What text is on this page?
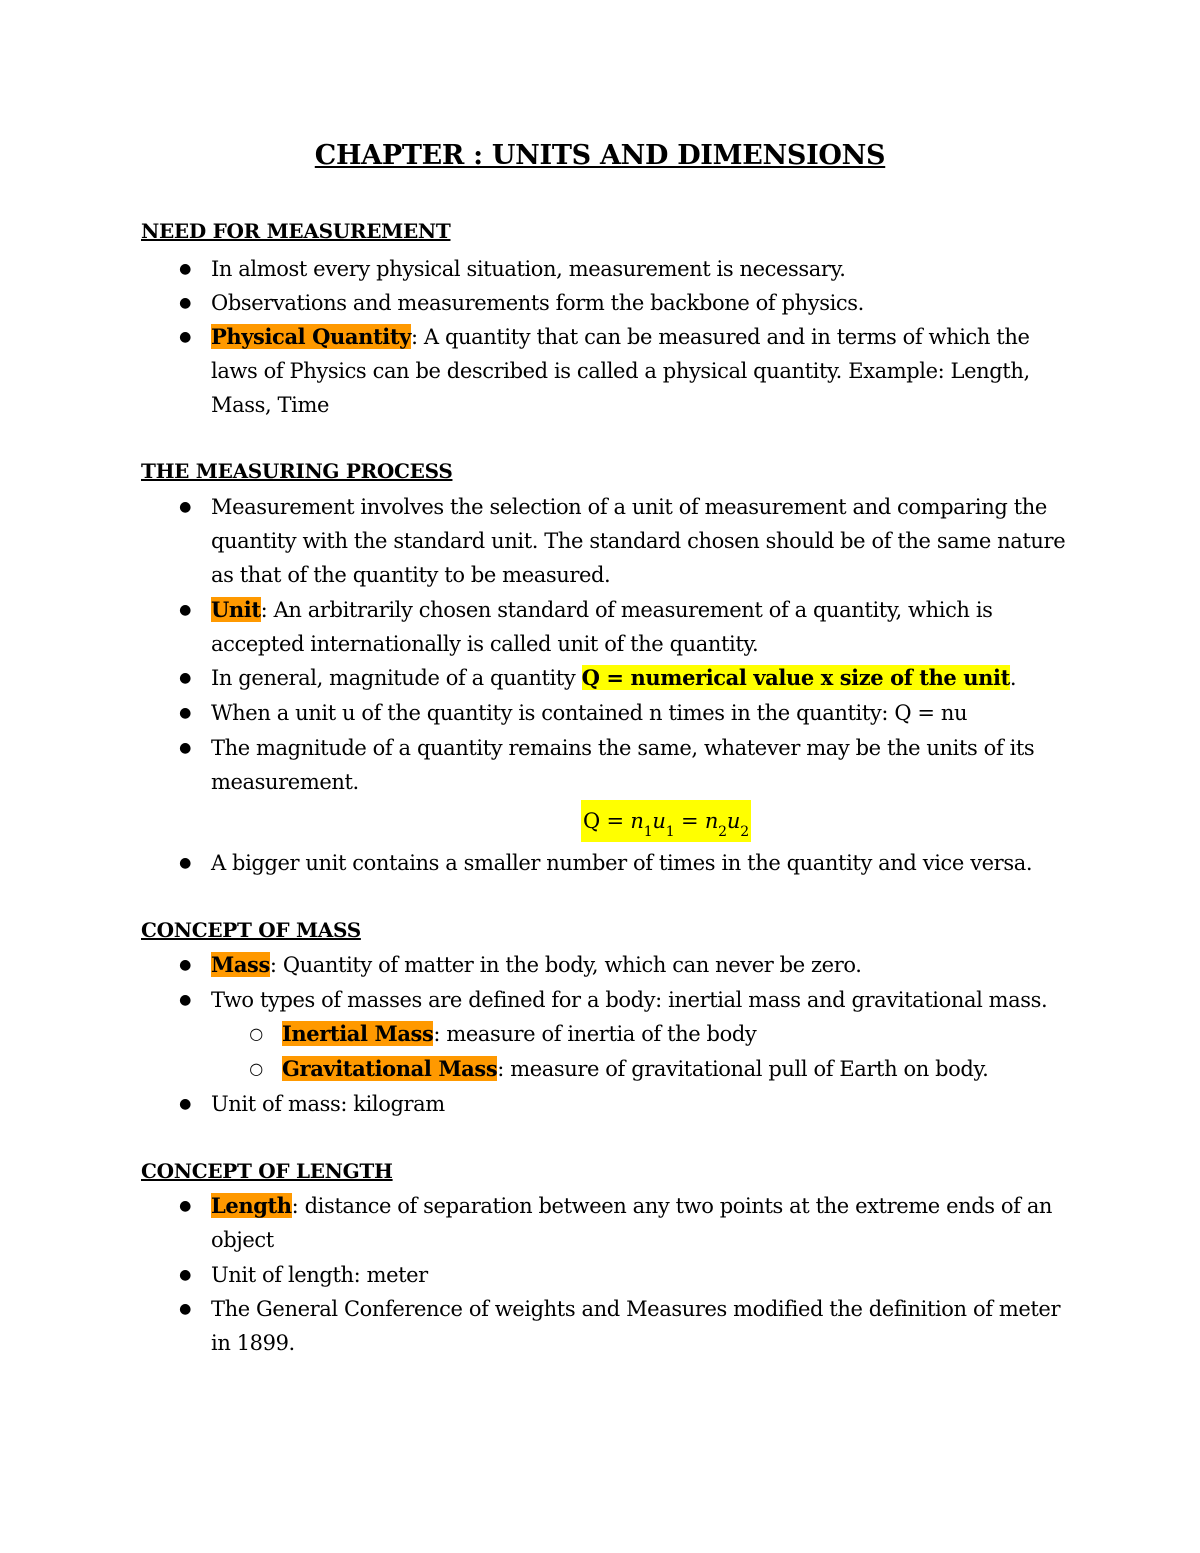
CHAPTER : UNITS AND DIMENSIONS
NEED FOR MEASUREMENT
● In almost every physical situation, measurement is necessary.
● Observations and measurements form the backbone of physics.
● Physical Quantity: A quantity that can be measured and in terms of which the laws of Physics can be described is called a physical quantity. Example: Length, Mass, Time
THE MEASURING PROCESS
● Measurement involves the selection of a unit of measurement and comparing the quantity with the standard unit. The standard chosen should be of the same nature as that of the quantity to be measured.
● Unit: An arbitrarily chosen standard of measurement of a quantity, which is accepted internationally is called unit of the quantity.
● In general, magnitude of a quantity Q = numerical value x size of the unit.
● When a unit u of the quantity is contained n times in the quantity: Q = nu
● The magnitude of a quantity remains the same, whatever may be the units of its measurement.
$Q = n_1u_1 = n_2u_2$
● A bigger unit contains a smaller number of times in the quantity and vice versa.
CONCEPT OF MASS
● Mass: Quantity of matter in the body, which can never be zero.
● Two types of masses are defined for a body: inertial mass and gravitational mass.
○ Inertial Mass: measure of inertia of the body
○ Gravitational Mass: measure of gravitational pull of Earth on body.
● Unit of mass: kilogram
CONCEPT OF LENGTH
● Length: distance of separation between any two points at the extreme ends of an object
● Unit of length: meter
● The General Conference of weights and Measures modified the definition of meter in 1899.
